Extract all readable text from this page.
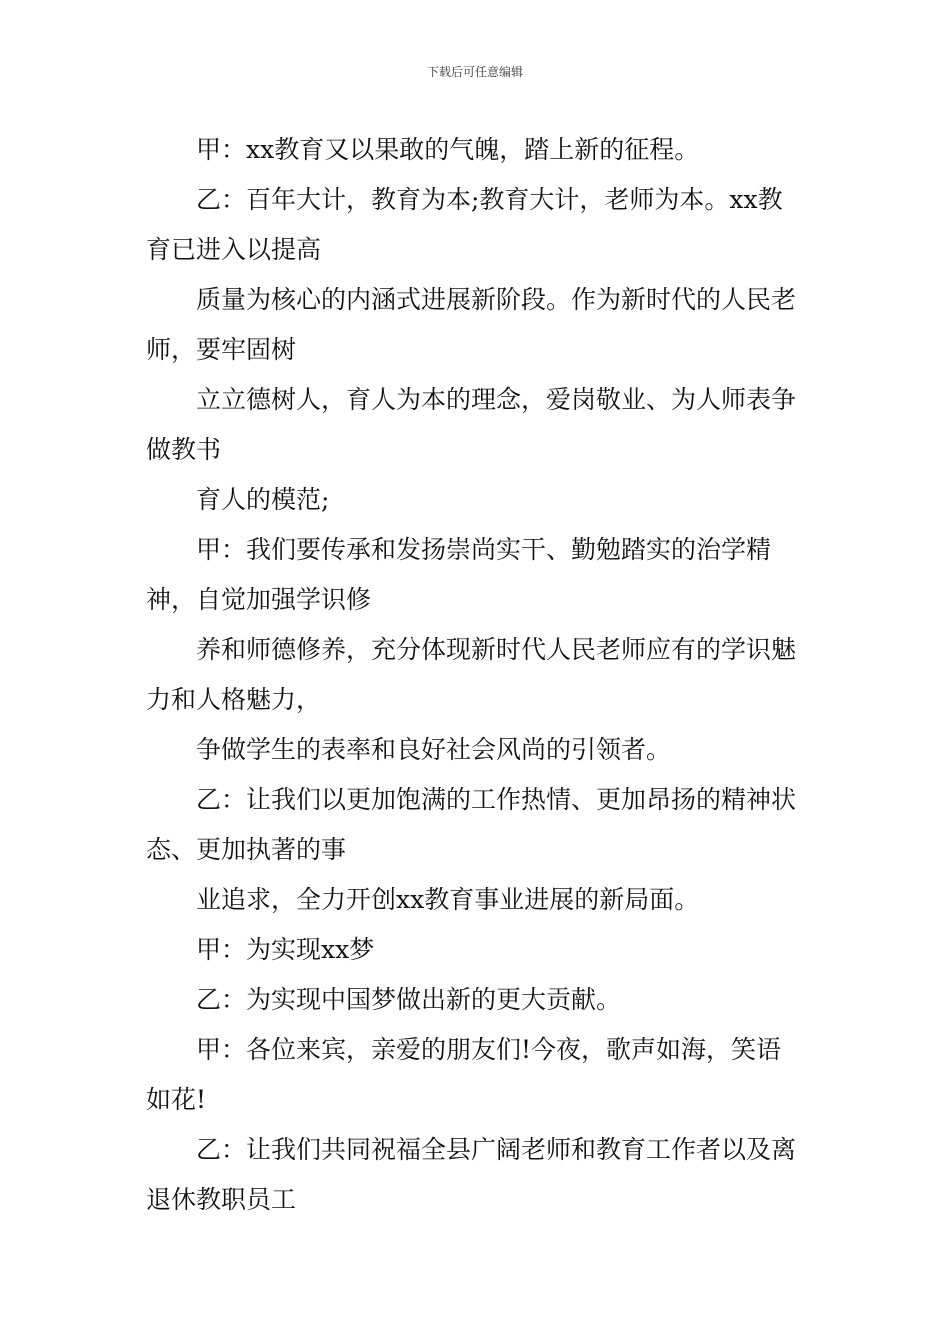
下载后可任意编辑

甲：xx教育又以果敢的气魄，踏上新的征程。

乙：百年大计，教育为本;教育大计，老师为本。xx教育已进入以提高

质量为核心的内涵式进展新阶段。作为新时代的人民老师，要牢固树

立立德树人，育人为本的理念，爱岗敬业、为人师表争做教书

育人的模范;

甲：我们要传承和发扬崇尚实干、勤勉踏实的治学精神，自觉加强学识修

养和师德修养，充分体现新时代人民老师应有的学识魅力和人格魅力，

争做学生的表率和良好社会风尚的引领者。

乙：让我们以更加饱满的工作热情、更加昂扬的精神状态、更加执著的事

业追求，全力开创xx教育事业进展的新局面。

甲：为实现xx梦

乙：为实现中国梦做出新的更大贡献。

甲：各位来宾，亲爱的朋友们!今夜，歌声如海，笑语如花!

乙：让我们共同祝福全县广阔老师和教育工作者以及离退休教职员工
